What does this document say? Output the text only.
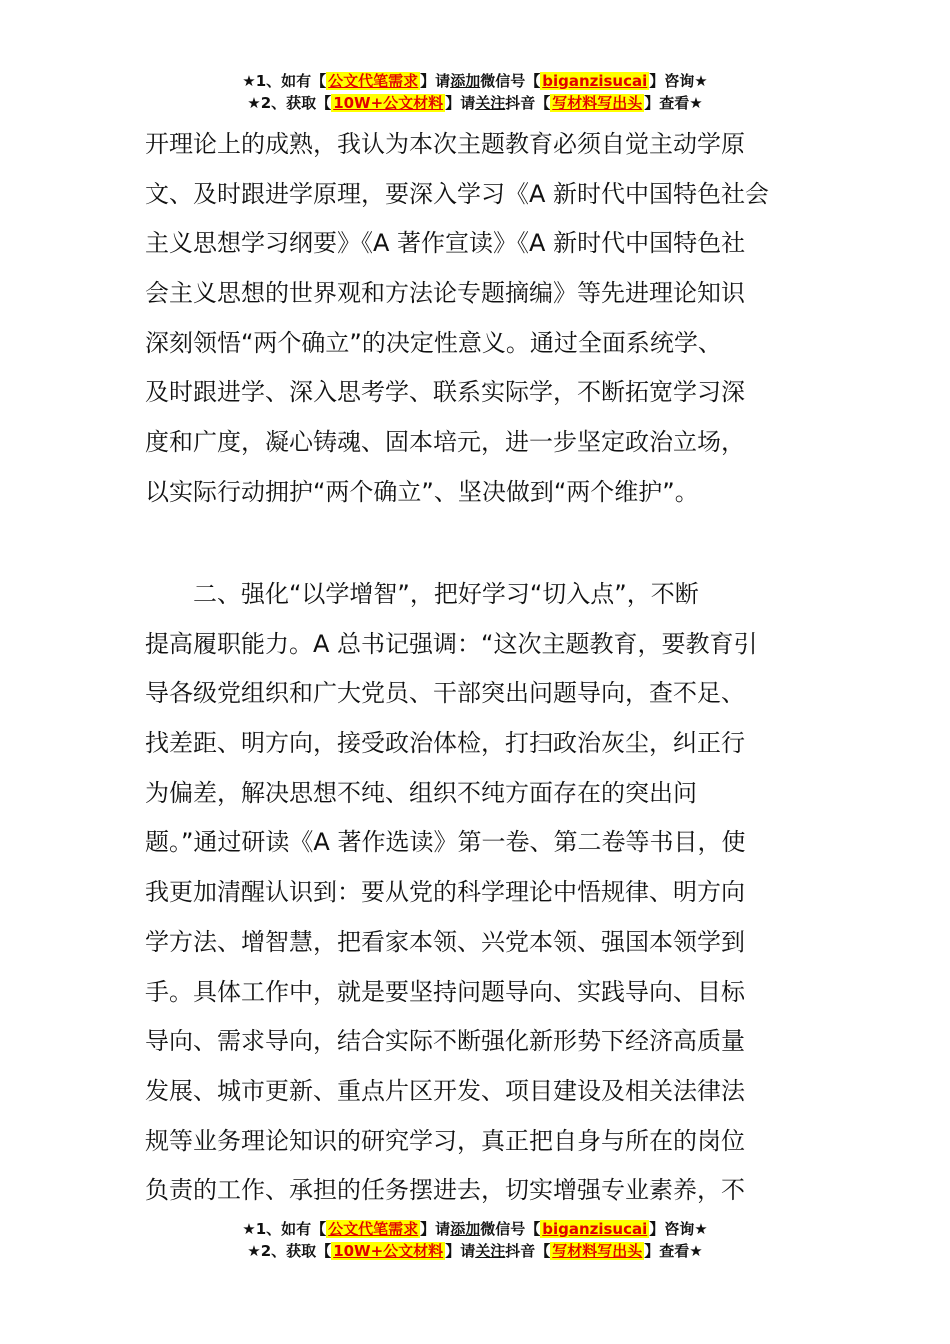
★1、如有【 公文代笔需求 】请添加微信号【 biganzisucai 】咨询★
★2、获取【 10W+公文材料 】请关注抖音【 写材料写出头 】查看★
开理论上的成熟，我认为本次主题教育必须自觉主动学原
文、及时跟进学原理，要深入学习《A 新时代中国特色社会
主义思想学习纲要》《A 著作宣读》《A 新时代中国特色社
会主义思想的世界观和方法论专题摘编》等先进理论知识
深刻领悟“两个确立”的决定性意义。通过全面系统学、
及时跟进学、深入思考学、联系实际学，不断拓宽学习深
度和广度，凝心铸魂、固本培元，进一步坚定政治立场，
以实际行动拥护“两个确立”、坚决做到“两个维护”。
二、强化“以学增智”，把好学习“切入点”，不断
提高履职能力。A 总书记强调：“这次主题教育，要教育引
导各级党组织和广大党员、干部突出问题导向，查不足、
找差距、明方向，接受政治体检，打扫政治灰尘，纠正行
为偏差，解决思想不纯、组织不纯方面存在的突出问
题。”通过研读《A 著作选读》第一卷、第二卷等书目，使
我更加清醒认识到：要从党的科学理论中悟规律、明方向
学方法、增智慧，把看家本领、兴党本领、强国本领学到
手。具体工作中，就是要坚持问题导向、实践导向、目标
导向、需求导向，结合实际不断强化新形势下经济高质量
发展、城市更新、重点片区开发、项目建设及相关法律法
规等业务理论知识的研究学习，真正把自身与所在的岗位
负责的工作、承担的任务摆进去，切实增强专业素养，不
★1、如有【 公文代笔需求 】请添加微信号【 biganzisucai 】咨询★
★2、获取【 10W+公文材料 】请关注抖音【 写材料写出头 】查看★
